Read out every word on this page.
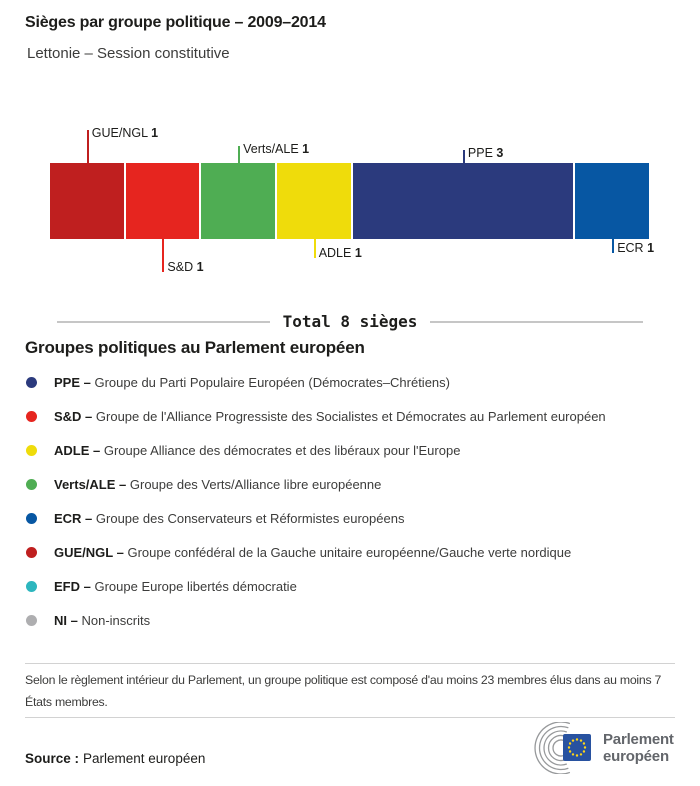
Sièges par groupe politique – 2009–2014
Lettonie – Session constitutive
GUE/NGL 1
S&D 1
Verts/ALE 1
ADLE 1
PPE 3
ECR 1
Total 8 sièges
Groupes politiques au Parlement européen
PPE – Groupe du Parti Populaire Européen (Démocrates–Chrétiens)
S&D – Groupe de l'Alliance Progressiste des Socialistes et Démocrates au Parlement européen
ADLE – Groupe Alliance des démocrates et des libéraux pour l'Europe
Verts/ALE – Groupe des Verts/Alliance libre européenne
ECR – Groupe des Conservateurs et Réformistes européens
GUE/NGL – Groupe confédéral de la Gauche unitaire européenne/Gauche verte nordique
EFD – Groupe Europe libertés démocratie
NI – Non-inscrits
Selon le règlement intérieur du Parlement, un groupe politique est composé d'au moins 23 membres élus dans au moins 7 États membres.
Source : Parlement européen
Parlement
européen
